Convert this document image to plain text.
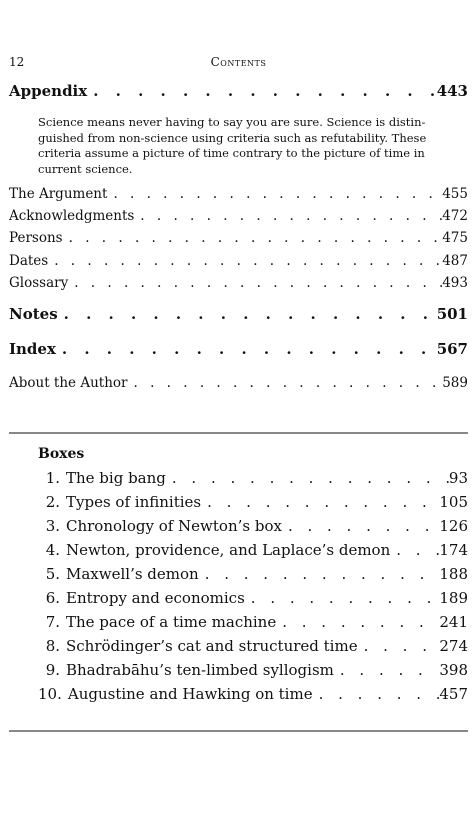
12	Contents
Appendix . . .	443
Science means never having to say you are sure. Science is distin-
guished from non-science using criteria such as refutability. These
criteria assume a picture of time contrary to the picture of time in
current science.
The Argument . . .	455
Acknowledgments . . .	472
Persons . . .	475
Dates . . .	487
Glossary . . .	493
Notes . . .	501
Index . . .	567
About the Author . . .	589
Boxes
1. The big bang . . .	93
2. Types of infinities . . .	105
3. Chronology of Newton’s box . . .	126
4. Newton, providence, and Laplace’s demon . . .	174
5. Maxwell’s demon . . .	188
6. Entropy and economics . . .	189
7. The pace of a time machine . . .	241
8. Schrödinger’s cat and structured time . . .	274
9. Bhadrabāhu’s ten-limbed syllogism . . .	398
10. Augustine and Hawking on time . . .	457
